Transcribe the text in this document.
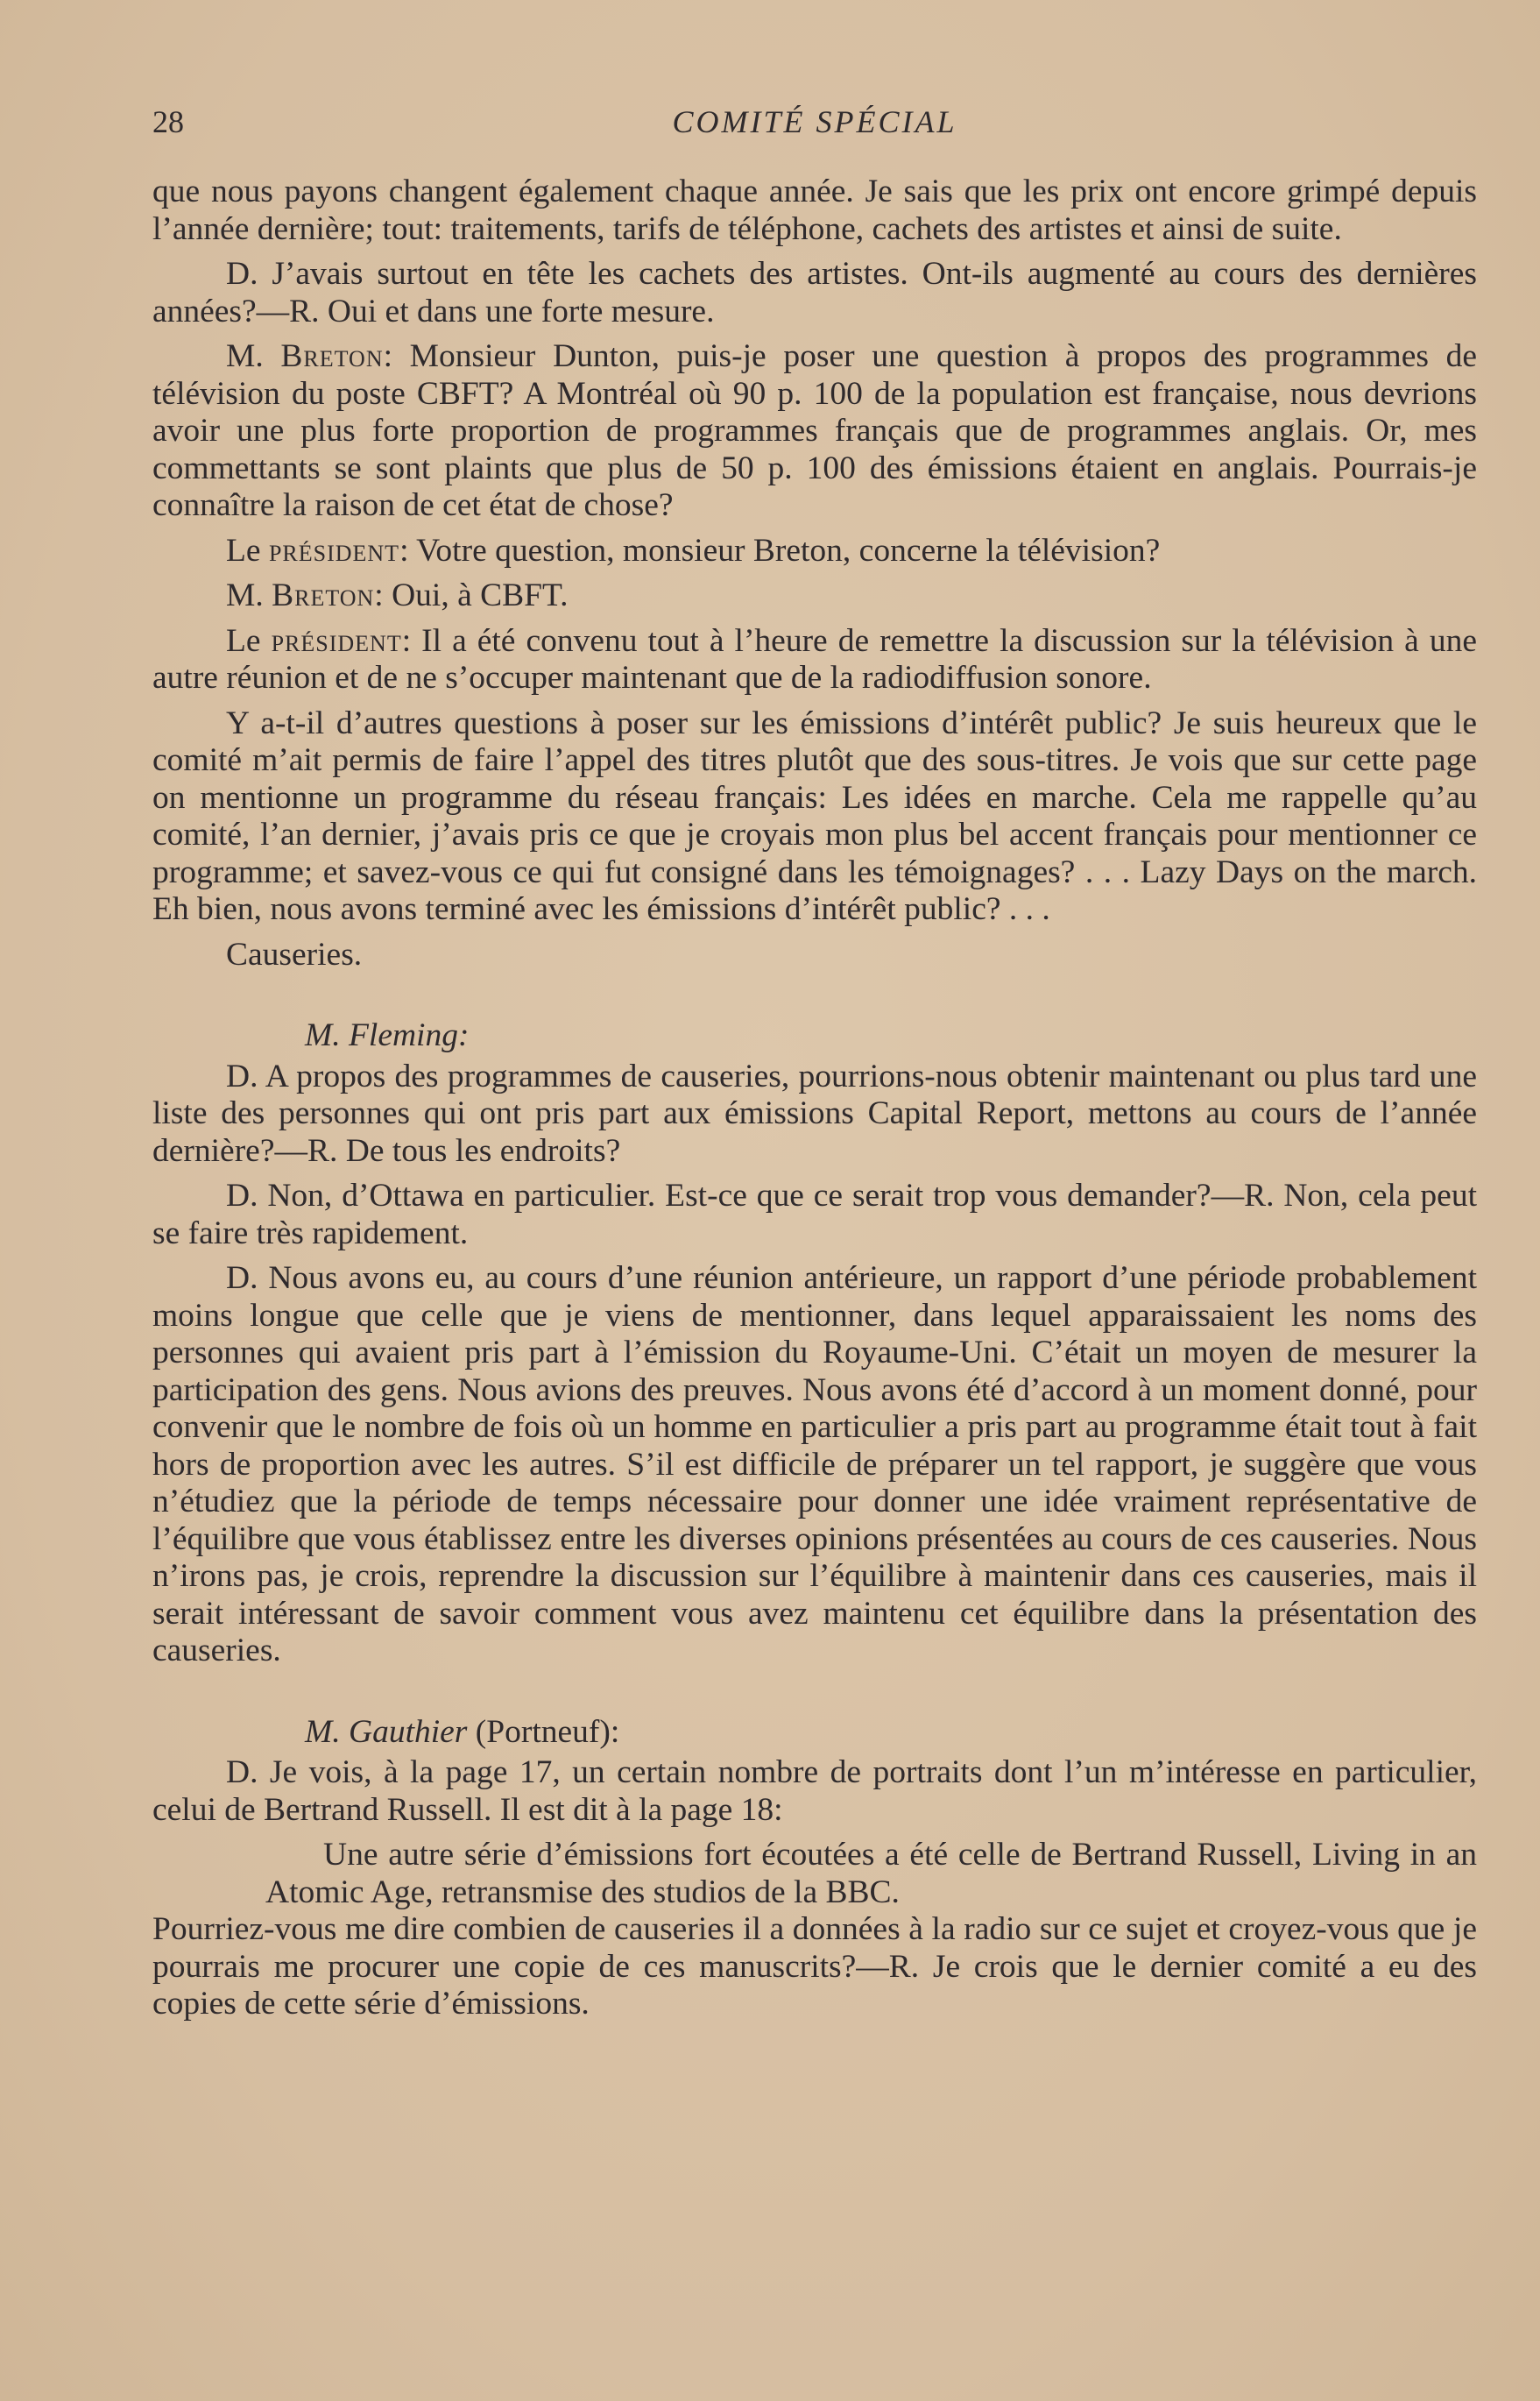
28	COMITÉ SPÉCIAL

que nous payons changent également chaque année. Je sais que les prix ont encore grimpé depuis l’année dernière; tout: traitements, tarifs de téléphone, cachets des artistes et ainsi de suite.

D. J’avais surtout en tête les cachets des artistes. Ont-ils augmenté au cours des dernières années?—R. Oui et dans une forte mesure.

M. Breton: Monsieur Dunton, puis-je poser une question à propos des programmes de télévision du poste CBFT? A Montréal où 90 p. 100 de la population est française, nous devrions avoir une plus forte proportion de programmes français que de programmes anglais. Or, mes commettants se sont plaints que plus de 50 p. 100 des émissions étaient en anglais. Pourrais-je connaître la raison de cet état de chose?

Le président: Votre question, monsieur Breton, concerne la télévision?

M. Breton: Oui, à CBFT.

Le président: Il a été convenu tout à l’heure de remettre la discussion sur la télévision à une autre réunion et de ne s’occuper maintenant que de la radiodiffusion sonore.

Y a-t-il d’autres questions à poser sur les émissions d’intérêt public? Je suis heureux que le comité m’ait permis de faire l’appel des titres plutôt que des sous-titres. Je vois que sur cette page on mentionne un programme du réseau français: Les idées en marche. Cela me rappelle qu’au comité, l’an dernier, j’avais pris ce que je croyais mon plus bel accent français pour mentionner ce programme; et savez-vous ce qui fut consigné dans les témoignages? . . . Lazy Days on the march. Eh bien, nous avons terminé avec les émissions d’intérêt public? . . .

Causeries.

M. Fleming:

D. A propos des programmes de causeries, pourrions-nous obtenir maintenant ou plus tard une liste des personnes qui ont pris part aux émissions Capital Report, mettons au cours de l’année dernière?—R. De tous les endroits?

D. Non, d’Ottawa en particulier. Est-ce que ce serait trop vous demander?—R. Non, cela peut se faire très rapidement.

D. Nous avons eu, au cours d’une réunion antérieure, un rapport d’une période probablement moins longue que celle que je viens de mentionner, dans lequel apparaissaient les noms des personnes qui avaient pris part à l’émission du Royaume-Uni. C’était un moyen de mesurer la participation des gens. Nous avions des preuves. Nous avons été d’accord à un moment donné, pour convenir que le nombre de fois où un homme en particulier a pris part au programme était tout à fait hors de proportion avec les autres. S’il est difficile de préparer un tel rapport, je suggère que vous n’étudiez que la période de temps nécessaire pour donner une idée vraiment représentative de l’équilibre que vous établissez entre les diverses opinions présentées au cours de ces causeries. Nous n’irons pas, je crois, reprendre la discussion sur l’équilibre à maintenir dans ces causeries, mais il serait intéressant de savoir comment vous avez maintenu cet équilibre dans la présentation des causeries.

M. Gauthier (Portneuf):

D. Je vois, à la page 17, un certain nombre de portraits dont l’un m’intéresse en particulier, celui de Bertrand Russell. Il est dit à la page 18:

Une autre série d’émissions fort écoutées a été celle de Bertrand Russell, Living in an Atomic Age, retransmise des studios de la BBC.

Pourriez-vous me dire combien de causeries il a données à la radio sur ce sujet et croyez-vous que je pourrais me procurer une copie de ces manuscrits?—R. Je crois que le dernier comité a eu des copies de cette série d’émissions.
